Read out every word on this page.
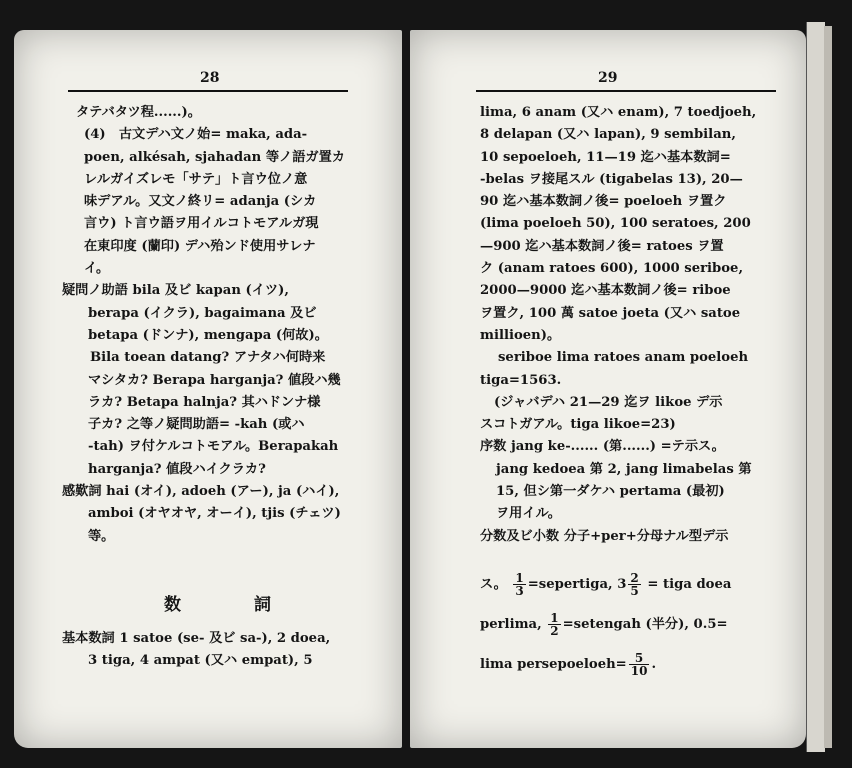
28
タテバタツ程......)。
(4)　古文デハ文ノ始= maka, ada-
poen, alkésah, sjahadan 等ノ語ガ置カ
レルガイズレモ「サテ」ト言ウ位ノ意
味デアル。又文ノ終リ= adanja (シカ
言ウ) ト言ウ語ヲ用イルコトモアルガ現
在東印度 (蘭印) デハ殆ンド使用サレナ
イ。
疑問ノ助語 bila 及ビ kapan (イツ),
berapa (イクラ), bagaimana 及ビ
betapa (ドンナ), mengapa (何故)。
Bila toean datang? アナタハ何時来
マシタカ? Berapa harganja? 値段ハ幾
ラカ? Betapa halnja? 其ハドンナ様
子カ? 之等ノ疑問助語= -kah (或ハ
-tah) ヲ付ケルコトモアル。Berapakah
harganja? 値段ハイクラカ?
感歎詞 hai (オイ), adoeh (アー), ja (ハイ),
amboi (オヤオヤ, オーイ), tjis (チェツ)
等。
数　詞
基本数詞 1 satoe (se- 及ビ sa-), 2 doea,
3 tiga, 4 ampat (又ハ empat), 5
29
lima, 6 anam (又ハ enam), 7 toedjoeh,
8 delapan (又ハ lapan), 9 sembilan,
10 sepoeloeh, 11—19 迄ハ基本数詞=
-belas ヲ接尾スル (tigabelas 13), 20—
90 迄ハ基本数詞ノ後= poeloeh ヲ置ク
(lima poeloeh 50), 100 seratoes, 200
—900 迄ハ基本数詞ノ後= ratoes ヲ置
ク (anam ratoes 600), 1000 seriboe,
2000—9000 迄ハ基本数詞ノ後= riboe
ヲ置ク, 100 萬 satoe joeta (又ハ satoe
millioen)。
seriboe lima ratoes anam poeloeh
tiga=1563.
(ジャバデハ 21—29 迄ヲ likoe デ示
スコトガアル。tiga likoe=23)
序数 jang ke-...... (第......) =テ示ス。
jang kedoea 第 2, jang limabelas 第
15, 但シ第一ダケハ pertama (最初)
ヲ用イル。
分数及ビ小数 分子+per+分母ナル型デ示
ス。 $\frac{1}{3}$ =sepertiga, $3 \frac{2}{5}$ = tiga doea
perlima, $\frac{1}{2}$ =setengah (半分), 0.5=
lima persepoeloeh= $\frac{5}{10}$ .
